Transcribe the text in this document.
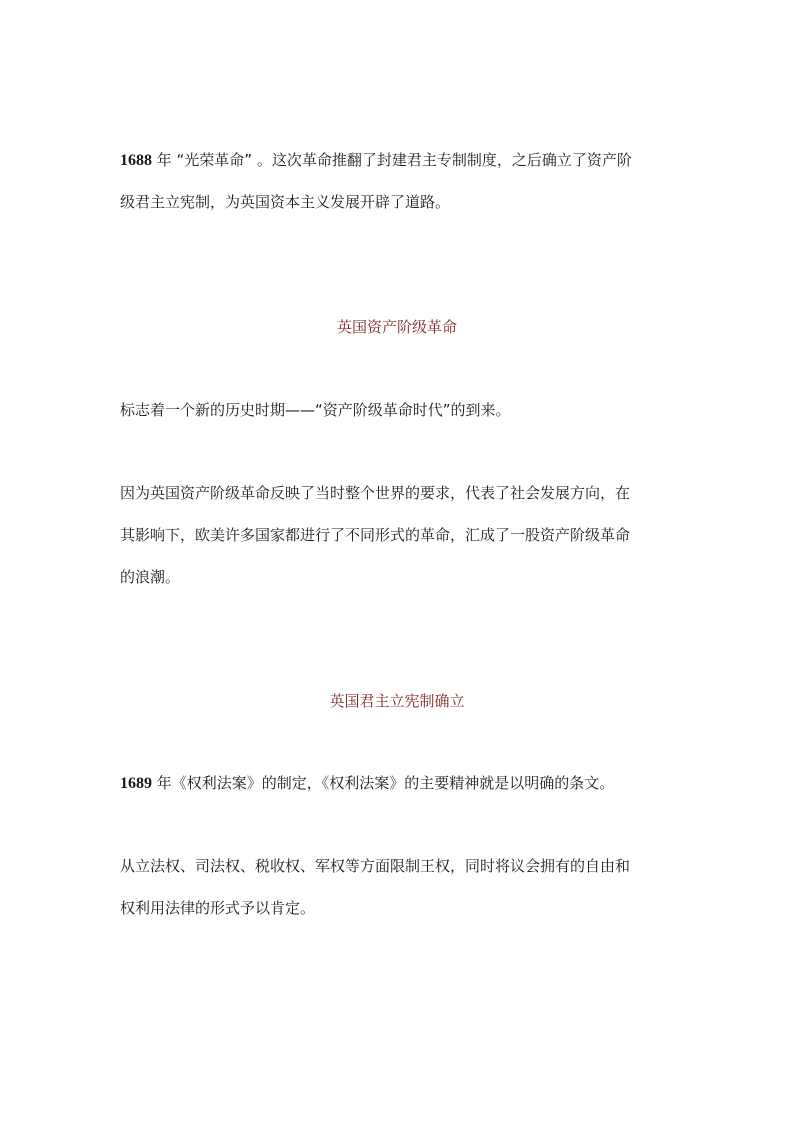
1688 年 “光荣革命” 。这次革命推翻了封建君主专制制度，之后确立了资产阶
级君主立宪制，为英国资本主义发展开辟了道路。
英国资产阶级革命
标志着一个新的历史时期——“资产阶级革命时代”的到来。
因为英国资产阶级革命反映了当时整个世界的要求，代表了社会发展方向，在
其影响下，欧美许多国家都进行了不同形式的革命，汇成了一股资产阶级革命
的浪潮。
英国君主立宪制确立
1689 年《权利法案》的制定，《权利法案》的主要精神就是以明确的条文。
从立法权、司法权、税收权、军权等方面限制王权，同时将议会拥有的自由和
权利用法律的形式予以肯定。
